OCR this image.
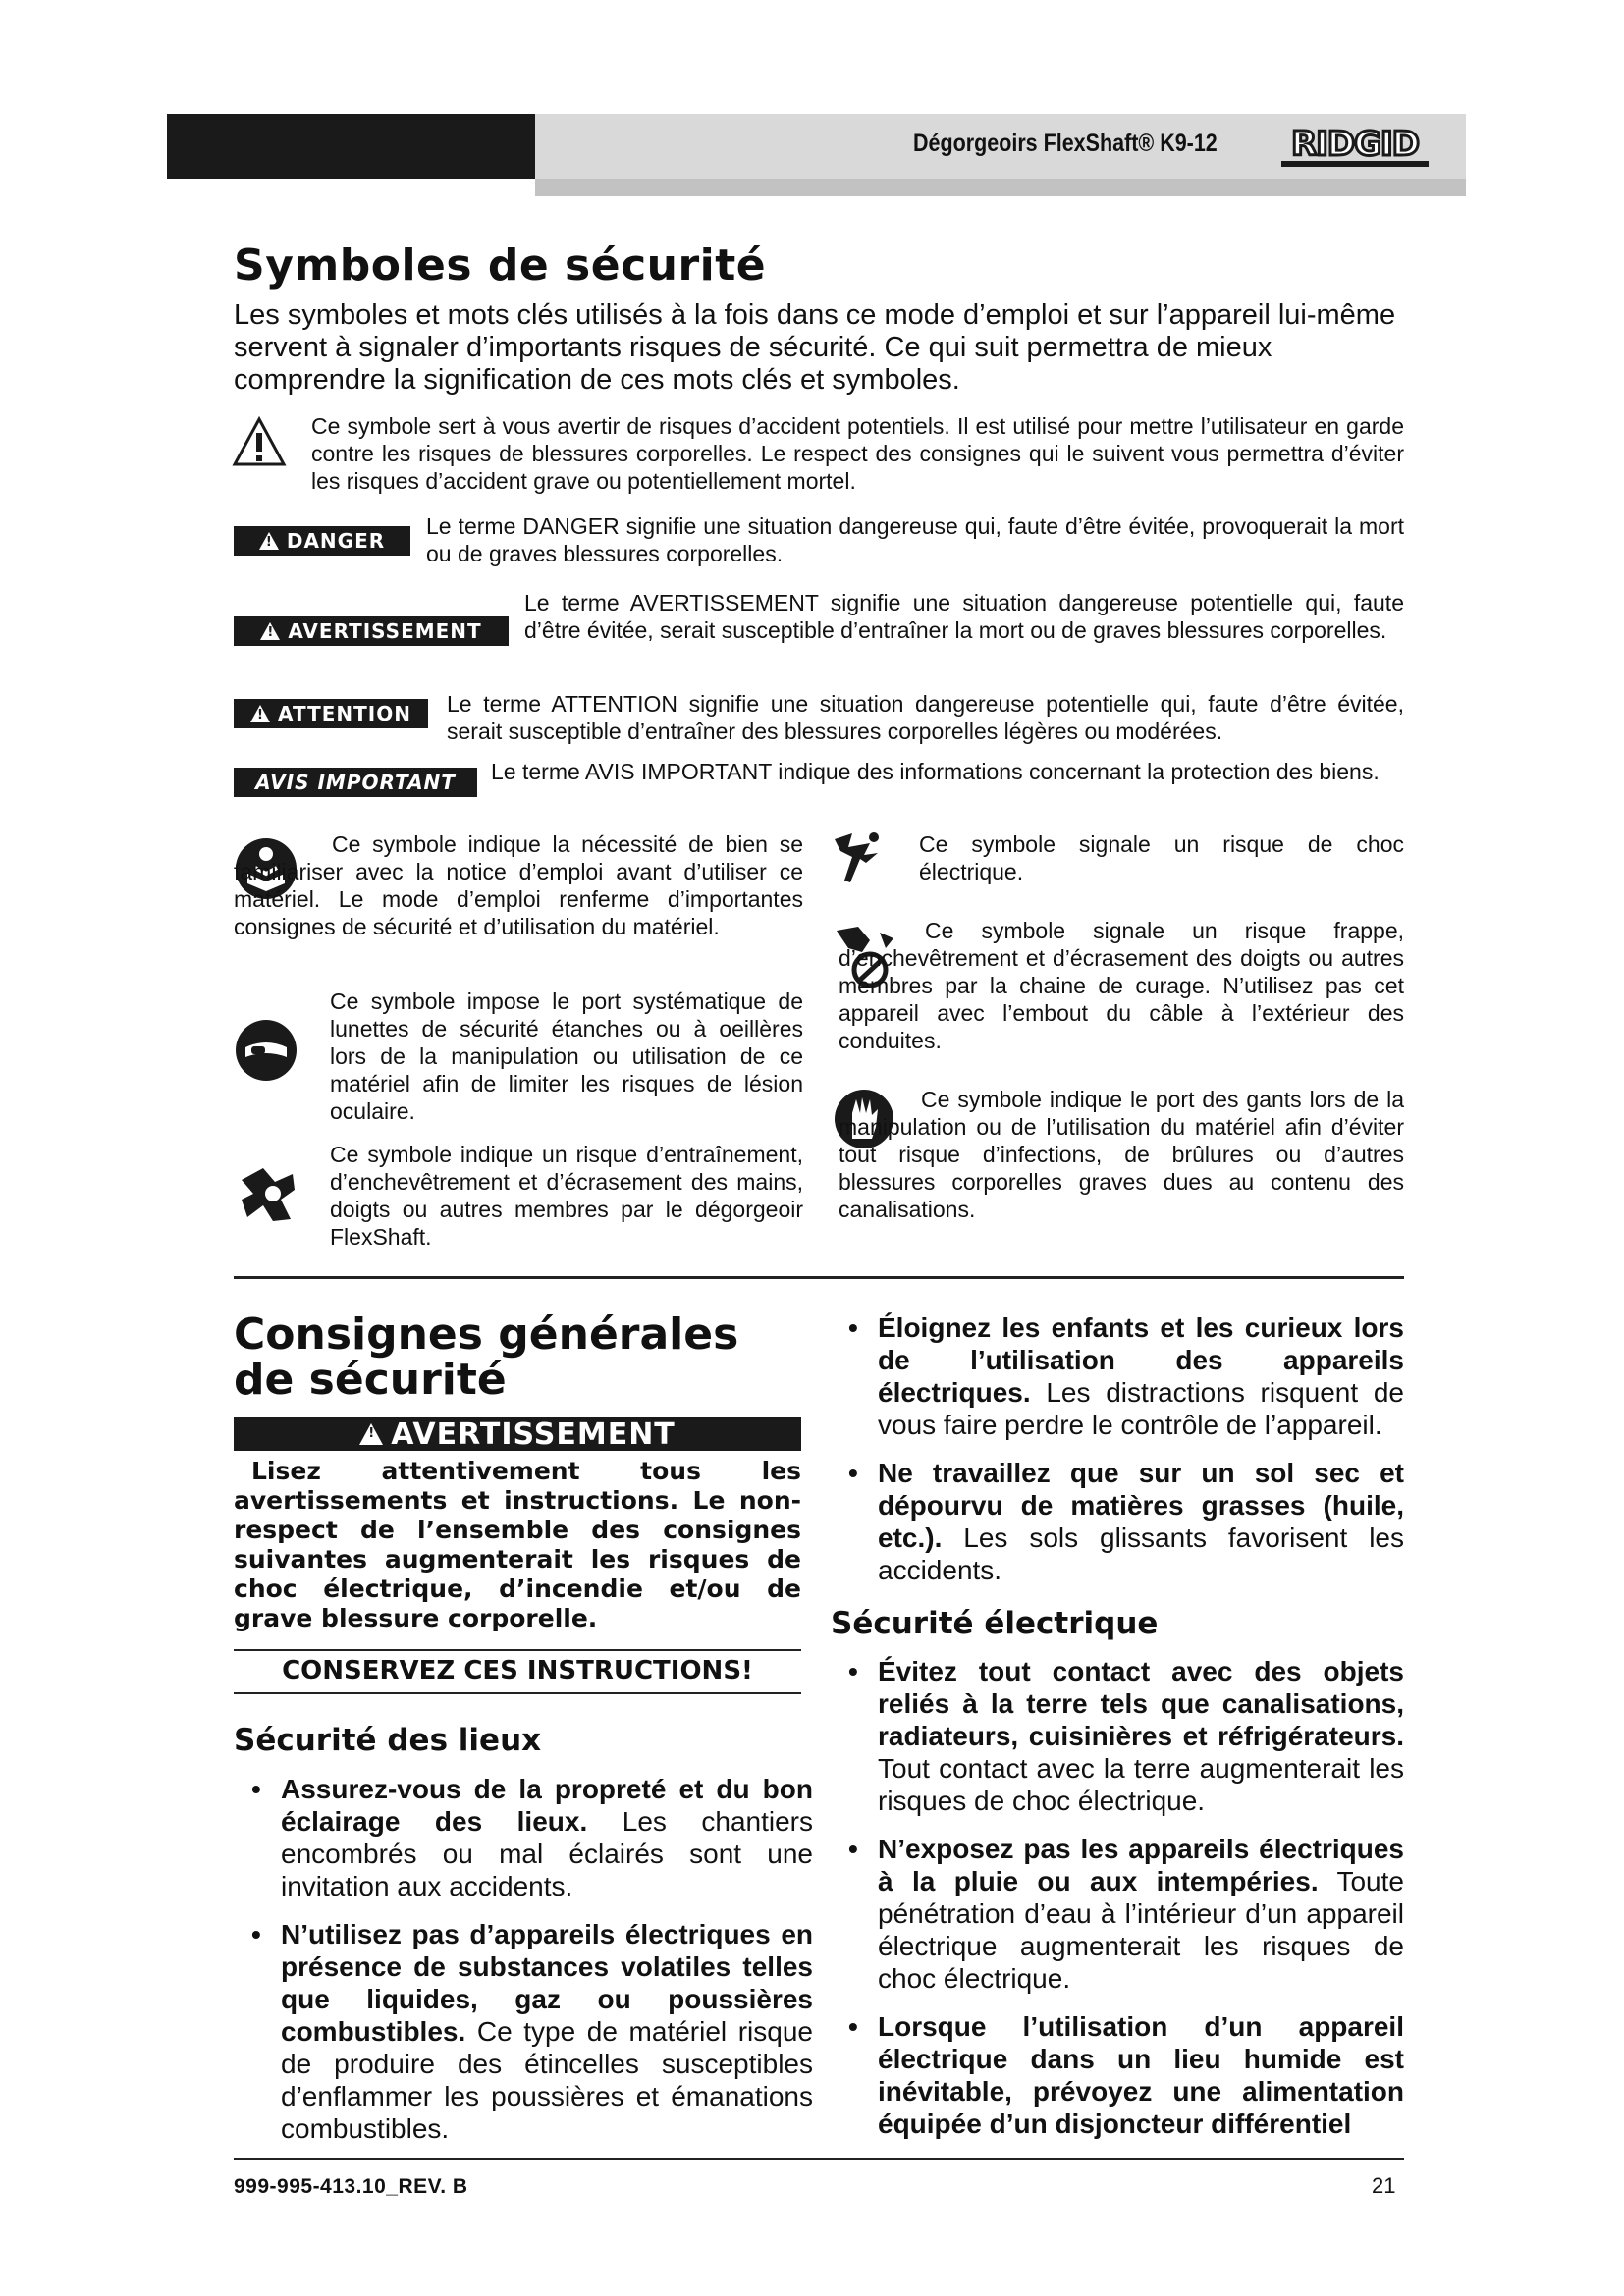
Dégorgeoirs FlexShaft® K9-12 RIDGID
Symboles de sécurité
Les symboles et mots clés utilisés à la fois dans ce mode d’emploi et sur l’appareil lui-même servent à signaler d’importants risques de sécurité. Ce qui suit permettra de mieux comprendre la signification de ces mots clés et symboles.
Ce symbole sert à vous avertir de risques d’accident potentiels. Il est utilisé pour mettre l’utilisateur en garde contre les risques de blessures corporelles. Le respect des consignes qui le suivent vous permettra d’éviter les risques d’accident grave ou potentiellement mortel.
!
DANGER
Le terme DANGER signifie une situation dangereuse qui, faute d’être évitée, provoquerait la mort ou de graves blessures corporelles.
!
AVERTISSEMENT
Le terme AVERTISSEMENT signifie une situation dangereuse potentielle qui, faute d’être évitée, serait susceptible d’entraîner la mort ou de graves blessures corporelles.
!
ATTENTION Le terme ATTENTION signifie une situation dangereuse potentielle qui, faute d’être évitée, serait susceptible d’entraîner des blessures corporelles légères ou modérées.
AVIS IMPORTANT	Le terme AVIS IMPORTANT indique des informations concernant la protection des biens.
Ce symbole indique la nécessité de bien se familiariser avec la notice d’emploi avant d’utiliser ce matériel. Le mode d’emploi renferme d’importantes consignes de sécurité et d’utilisation du matériel.
Ce symbole impose le port systématique de lunettes de sécurité étanches ou à oeillères lors de la manipulation ou utilisation de ce matériel afin de limiter les risques de lésion oculaire.
Ce symbole indique un risque d’entraînement, d’enchevêtrement et d’écrasement des mains, doigts ou autres membres par le dégorgeoir FlexShaft.
Ce symbole signale un risque de choc électrique.
Ce symbole signale un risque frappe, d’enchevêtrement et d’écrasement des doigts ou autres membres par la chaine de curage. N’utilisez pas cet appareil avec l’embout du câble à l’extérieur des conduites.
Ce symbole indique le port des gants lors de la manipulation ou de l’utilisation du matériel afin d’éviter tout risque d’infections, de brûlures ou d’autres blessures corporelles graves dues au contenu des canalisations.
Consignes générales de sécurité
!
AVERTISSEMENT
Lisez attentivement tous les avertissements et instructions. Le non-respect de l’ensemble des consignes suivantes augmenterait les risques de choc électrique, d’incendie et/ou de grave blessure corporelle.
CONSERVEZ CES INSTRUCTIONS!
Sécurité des lieux
• Assurez-vous de la propreté et du bon éclairage des lieux. Les chantiers encombrés ou mal éclairés sont une invitation aux accidents.
• N’utilisez pas d’appareils électriques en présence de substances volatiles telles que liquides, gaz ou poussières combustibles. Ce type de matériel risque de produire des étincelles susceptibles d’enflammer les poussières et émanations combustibles.
• Éloignez les enfants et les curieux lors de l’utilisation des appareils électriques. Les distractions risquent de vous faire perdre le contrôle de l’appareil.
• Ne travaillez que sur un sol sec et dépourvu de matières grasses (huile, etc.). Les sols glissants favorisent les accidents.
Sécurité électrique
• Évitez tout contact avec des objets reliés à la terre tels que canalisations, radiateurs, cuisinières et réfrigérateurs. Tout contact avec la terre augmenterait les risques de choc électrique.
• N’exposez pas les appareils électriques à la pluie ou aux intempéries. Toute pénétration d’eau à l’intérieur d’un appareil électrique augmenterait les risques de choc électrique.
• Lorsque l’utilisation d’un appareil électrique dans un lieu humide est inévitable, prévoyez une alimentation équipée d’un disjoncteur différentiel
999-995-413.10_REV. B	21
